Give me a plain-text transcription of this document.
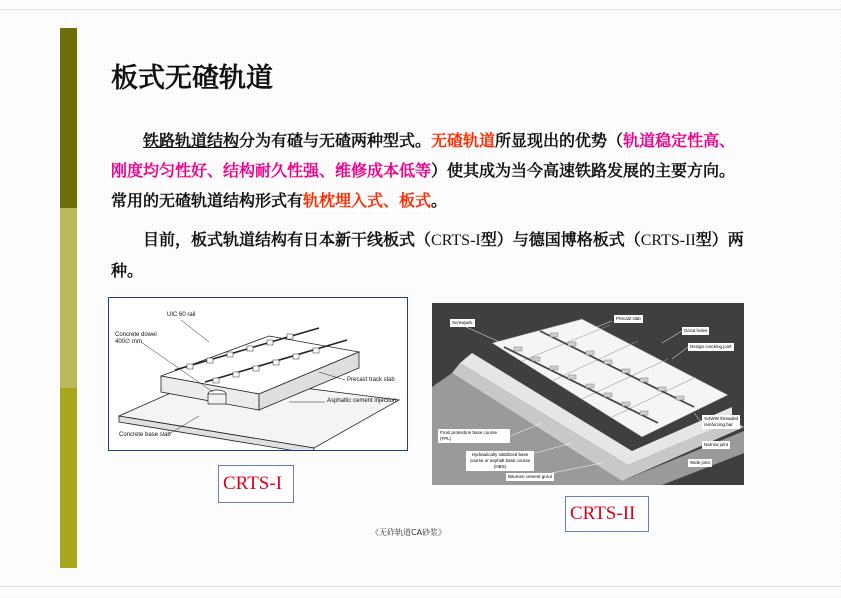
板式无碴轨道
铁路轨道结构分为有碴与无碴两种型式。无碴轨道所显现出的优势（轨道稳定性高、刚度均匀性好、结构耐久性强、维修成本低等）使其成为当今高速铁路发展的主要方向。常用的无碴轨道结构形式有轨枕埋入式、板式。
目前，板式轨道结构有日本新干线板式（CRTS-I型）与德国博格板式（CRTS-II型）两种。
UIC 60 rail
Concrete dowel 400∅ mm
Precast track slab
Asphaltic cement injection
Concrete base slab
CRTS-I
Screwjack
Precast slab
Grout holes
Design cracking joint
%4WW threaded reinforcing bar
Narrow joint
Wide joint
Frost protection base course (FPL)
Hydraulically stabilized base course or asphalt base course (HBS)
Bitumen cement grout
CRTS-II
《无砟轨道CA砂浆》
